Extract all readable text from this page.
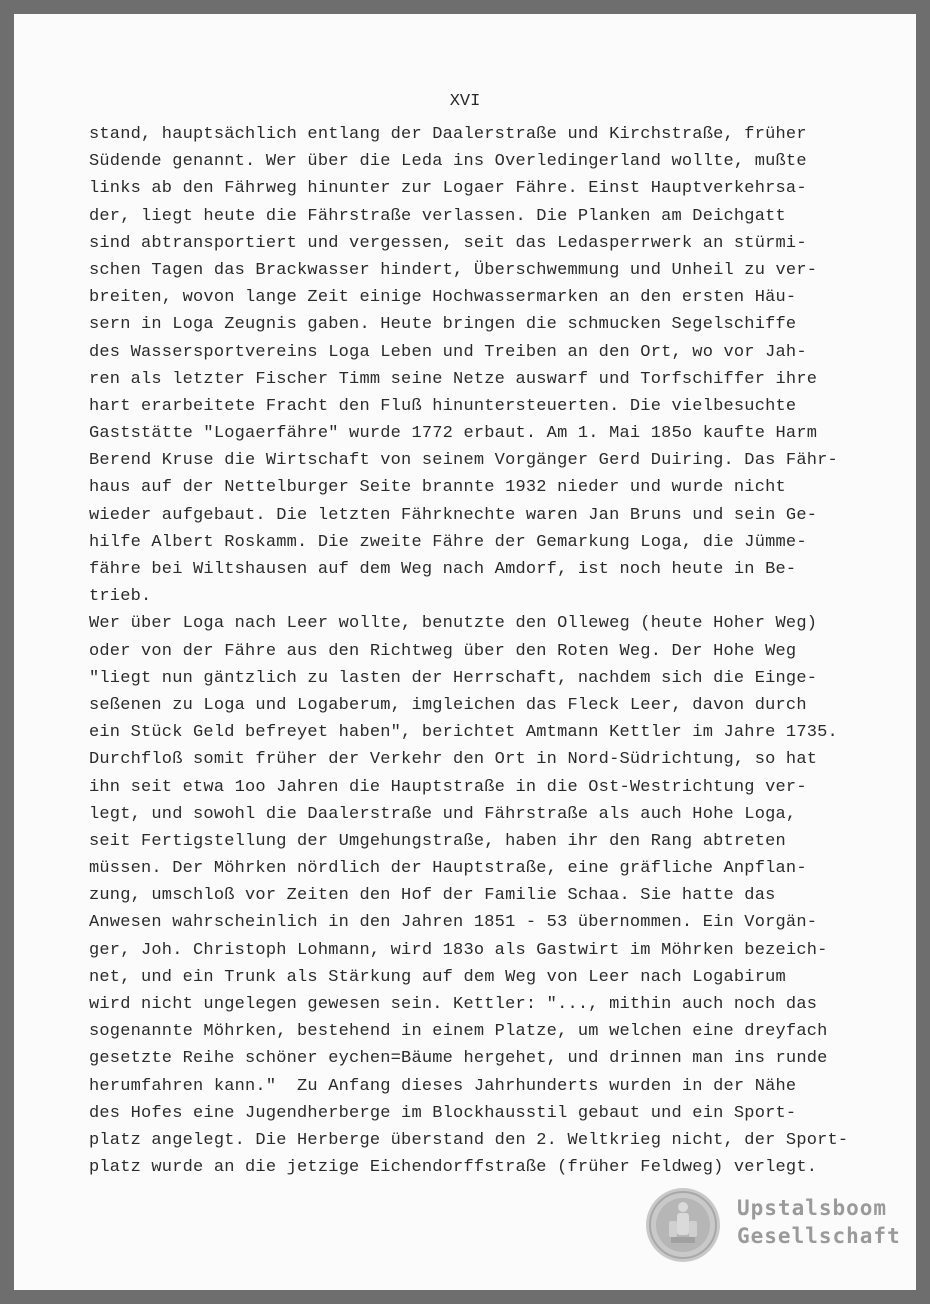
XVI
stand, hauptsächlich entlang der Daalerstraße und Kirchstraße, früher
Südende genannt. Wer über die Leda ins Overledingerland wollte, mußte
links ab den Fährweg hinunter zur Logaer Fähre. Einst Hauptverkehrsa-
der, liegt heute die Fährstraße verlassen. Die Planken am Deichgatt
sind abtransportiert und vergessen, seit das Ledasperrwerk an stürmi-
schen Tagen das Brackwasser hindert, Überschwemmung und Unheil zu ver-
breiten, wovon lange Zeit einige Hochwassermarken an den ersten Häu-
sern in Loga Zeugnis gaben. Heute bringen die schmucken Segelschiffe
des Wassersportvereins Loga Leben und Treiben an den Ort, wo vor Jah-
ren als letzter Fischer Timm seine Netze auswarf und Torfschiffer ihre
hart erarbeitete Fracht den Fluß hinuntersteuerten. Die vielbesuchte
Gaststätte "Logaerfähre" wurde 1772 erbaut. Am 1. Mai 185o kaufte Harm
Berend Kruse die Wirtschaft von seinem Vorgänger Gerd Duiring. Das Fähr-
haus auf der Nettelburger Seite brannte 1932 nieder und wurde nicht
wieder aufgebaut. Die letzten Fährknechte waren Jan Bruns und sein Ge-
hilfe Albert Roskamm. Die zweite Fähre der Gemarkung Loga, die Jümme-
fähre bei Wiltshausen auf dem Weg nach Amdorf, ist noch heute in Be-
trieb.
Wer über Loga nach Leer wollte, benutzte den Olleweg (heute Hoher Weg)
oder von der Fähre aus den Richtweg über den Roten Weg. Der Hohe Weg
"liegt nun gäntzlich zu lasten der Herrschaft, nachdem sich die Einge-
seßenen zu Loga und Logaberum, imgleichen das Fleck Leer, davon durch
ein Stück Geld befreyet haben", berichtet Amtmann Kettler im Jahre 1735.
Durchfloß somit früher der Verkehr den Ort in Nord-Südrichtung, so hat
ihn seit etwa 1oo Jahren die Hauptstraße in die Ost-Westrichtung ver-
legt, und sowohl die Daalerstraße und Fährstraße als auch Hohe Loga,
seit Fertigstellung der Umgehungstraße, haben ihr den Rang abtreten
müssen. Der Möhrken nördlich der Hauptstraße, eine gräfliche Anpflan-
zung, umschloß vor Zeiten den Hof der Familie Schaa. Sie hatte das
Anwesen wahrscheinlich in den Jahren 1851 - 53 übernommen. Ein Vorgän-
ger, Joh. Christoph Lohmann, wird 183o als Gastwirt im Möhrken bezeich-
net, und ein Trunk als Stärkung auf dem Weg von Leer nach Logabirum
wird nicht ungelegen gewesen sein. Kettler: "..., mithin auch noch das
sogenannte Möhrken, bestehend in einem Platze, um welchen eine dreyfach
gesetzte Reihe schöner eychen=Bäume hergehet, und drinnen man ins runde
herumfahren kann."  Zu Anfang dieses Jahrhunderts wurden in der Nähe
des Hofes eine Jugendherberge im Blockhausstil gebaut und ein Sport-
platz angelegt. Die Herberge überstand den 2. Weltkrieg nicht, der Sport-
platz wurde an die jetzige Eichendorffstraße (früher Feldweg) verlegt.
Upstalsboom
Gesellschaft
